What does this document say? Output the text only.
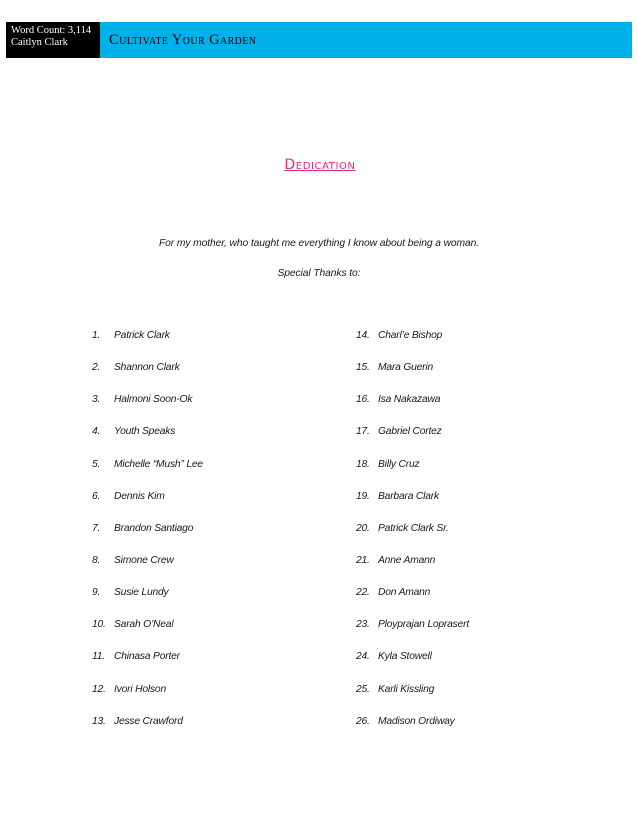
Word Count: 3,114
Caitlyn Clark	Cultivate Your Garden
Dedication
For my mother, who taught me everything I know about being a woman.
Special Thanks to:
1.	Patrick Clark
2.	Shannon Clark
3.	Halmoni Soon-Ok
4.	Youth Speaks
5.	Michelle “Mush” Lee
6.	Dennis Kim
7.	Brandon Santiago
8.	Simone Crew
9.	Susie Lundy
10. Sarah O’Neal
11. Chinasa Porter
12. Ivori Holson
13. Jesse Crawford
14. Charl’e Bishop
15. Mara Guerin
16. Isa Nakazawa
17. Gabriel Cortez
18. Billy Cruz
19. Barbara Clark
20. Patrick Clark Sr.
21. Anne Amann
22. Don Amann
23. Ployprajan Loprasert
24. Kyla Stowell
25. Karli Kissling
26. Madison Ordiway
